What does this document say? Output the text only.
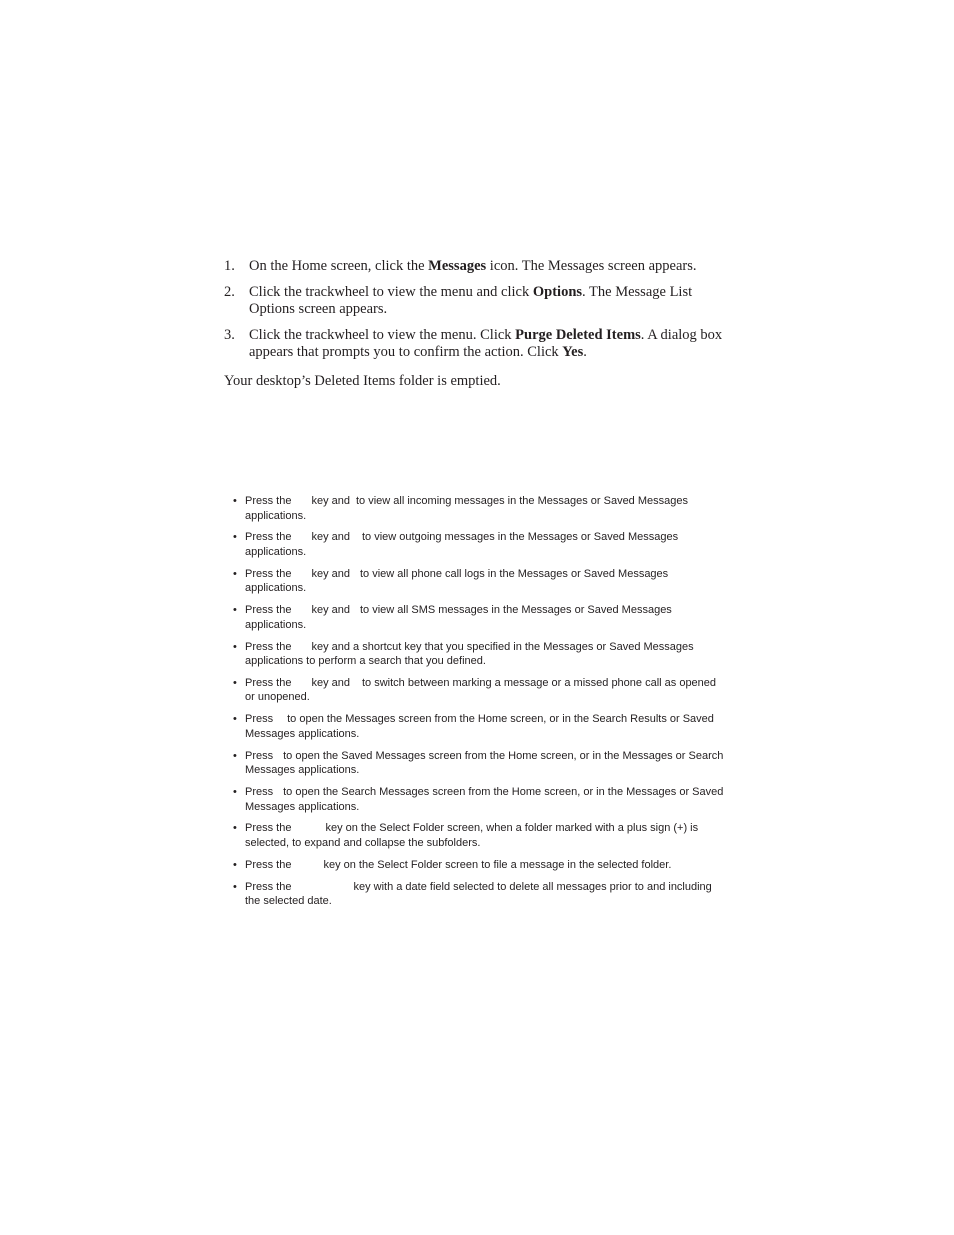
1. On the Home screen, click the Messages icon. The Messages screen appears.
2. Click the trackwheel to view the menu and click Options. The Message List Options screen appears.
3. Click the trackwheel to view the menu. Click Purge Deleted Items. A dialog box appears that prompts you to confirm the action. Click Yes.

Your desktop’s Deleted Items folder is emptied.

• Press the key and to view all incoming messages in the Messages or Saved Messages applications.
• Press the key and to view outgoing messages in the Messages or Saved Messages applications.
• Press the key and to view all phone call logs in the Messages or Saved Messages applications.
• Press the key and to view all SMS messages in the Messages or Saved Messages applications.
• Press the key and a shortcut key that you specified in the Messages or Saved Messages applications to perform a search that you defined.
• Press the key and to switch between marking a message or a missed phone call as opened or unopened.
• Press to open the Messages screen from the Home screen, or in the Search Results or Saved Messages applications.
• Press to open the Saved Messages screen from the Home screen, or in the Messages or Search Messages applications.
• Press to open the Search Messages screen from the Home screen, or in the Messages or Saved Messages applications.
• Press the	key on the Select Folder screen, when a folder marked with a plus sign (+) is selected, to expand and collapse the subfolders.
• Press the	key on the Select Folder screen to file a message in the selected folder.
• Press the	key with a date field selected to delete all messages prior to and including the selected date.
